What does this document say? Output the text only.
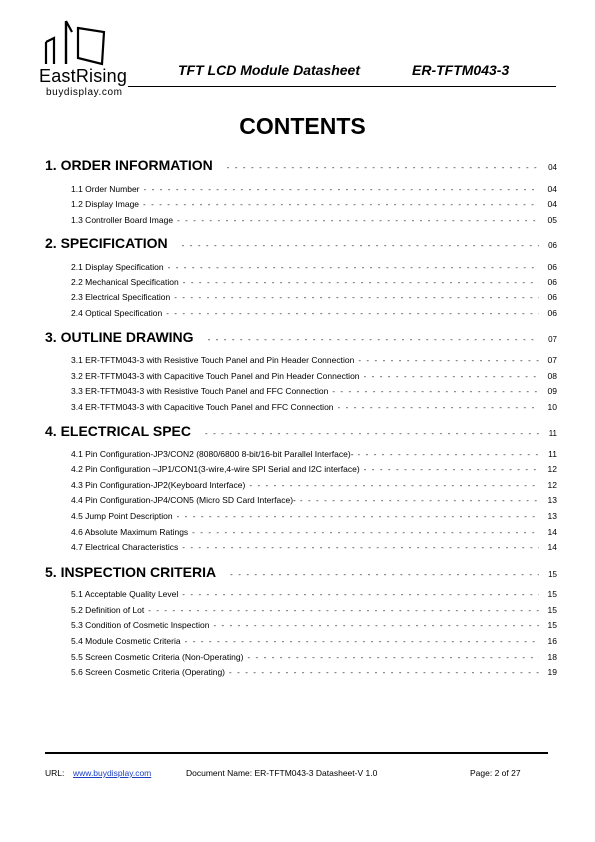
EastRising
buydisplay.com
TFT LCD Module Datasheet	ER-TFTM043-3
CONTENTS
1. ORDER INFORMATION - - -	04
1.1 Order Number - - -	04
1.2 Display Image - - -	04
1.3 Controller Board Image - - -	05
2. SPECIFICATION - - -	06
2.1 Display Specification - - -	06
2.2 Mechanical Specification - - -	06
2.3 Electrical Specification - - -	06
2.4 Optical Specification - - -	06
3. OUTLINE DRAWING - - -	07
3.1 ER-TFTM043-3 with Resistive Touch Panel and Pin Header Connection - - -	07
3.2 ER-TFTM043-3 with Capacitive Touch Panel and Pin Header Connection - - -	08
3.3 ER-TFTM043-3 with Resistive Touch Panel and FFC Connection - - -	09
3.4 ER-TFTM043-3 with Capacitive Touch Panel and FFC Connection - - -	10
4. ELECTRICAL SPEC - - -	11
4.1 Pin Configuration-JP3/CON2 (8080/6800 8-bit/16-bit Parallel Interface)- - - -	11
4.2 Pin Configuration –JP1/CON1(3-wire,4-wire SPI Serial and I2C interface) - - -	12
4.3 Pin Configuration-JP2(Keyboard Interface) - - -	12
4.4 Pin Configuration-JP4/CON5 (Micro SD Card Interface)- - - -	13
4.5 Jump Point Description - - -	13
4.6 Absolute Maximum Ratings - - -	14
4.7 Electrical Characteristics - - -	14
5. INSPECTION CRITERIA - - -	15
5.1 Acceptable Quality Level - - -	15
5.2 Definition of Lot - - -	15
5.3 Condition of Cosmetic Inspection - - -	15
5.4 Module Cosmetic Criteria - - -	16
5.5 Screen Cosmetic Criteria (Non-Operating) - - -	18
5.6 Screen Cosmetic Criteria (Operating) - - -	19
URL: www.buydisplay.com	Document Name: ER-TFTM043-3 Datasheet-V 1.0	Page: 2 of 27
